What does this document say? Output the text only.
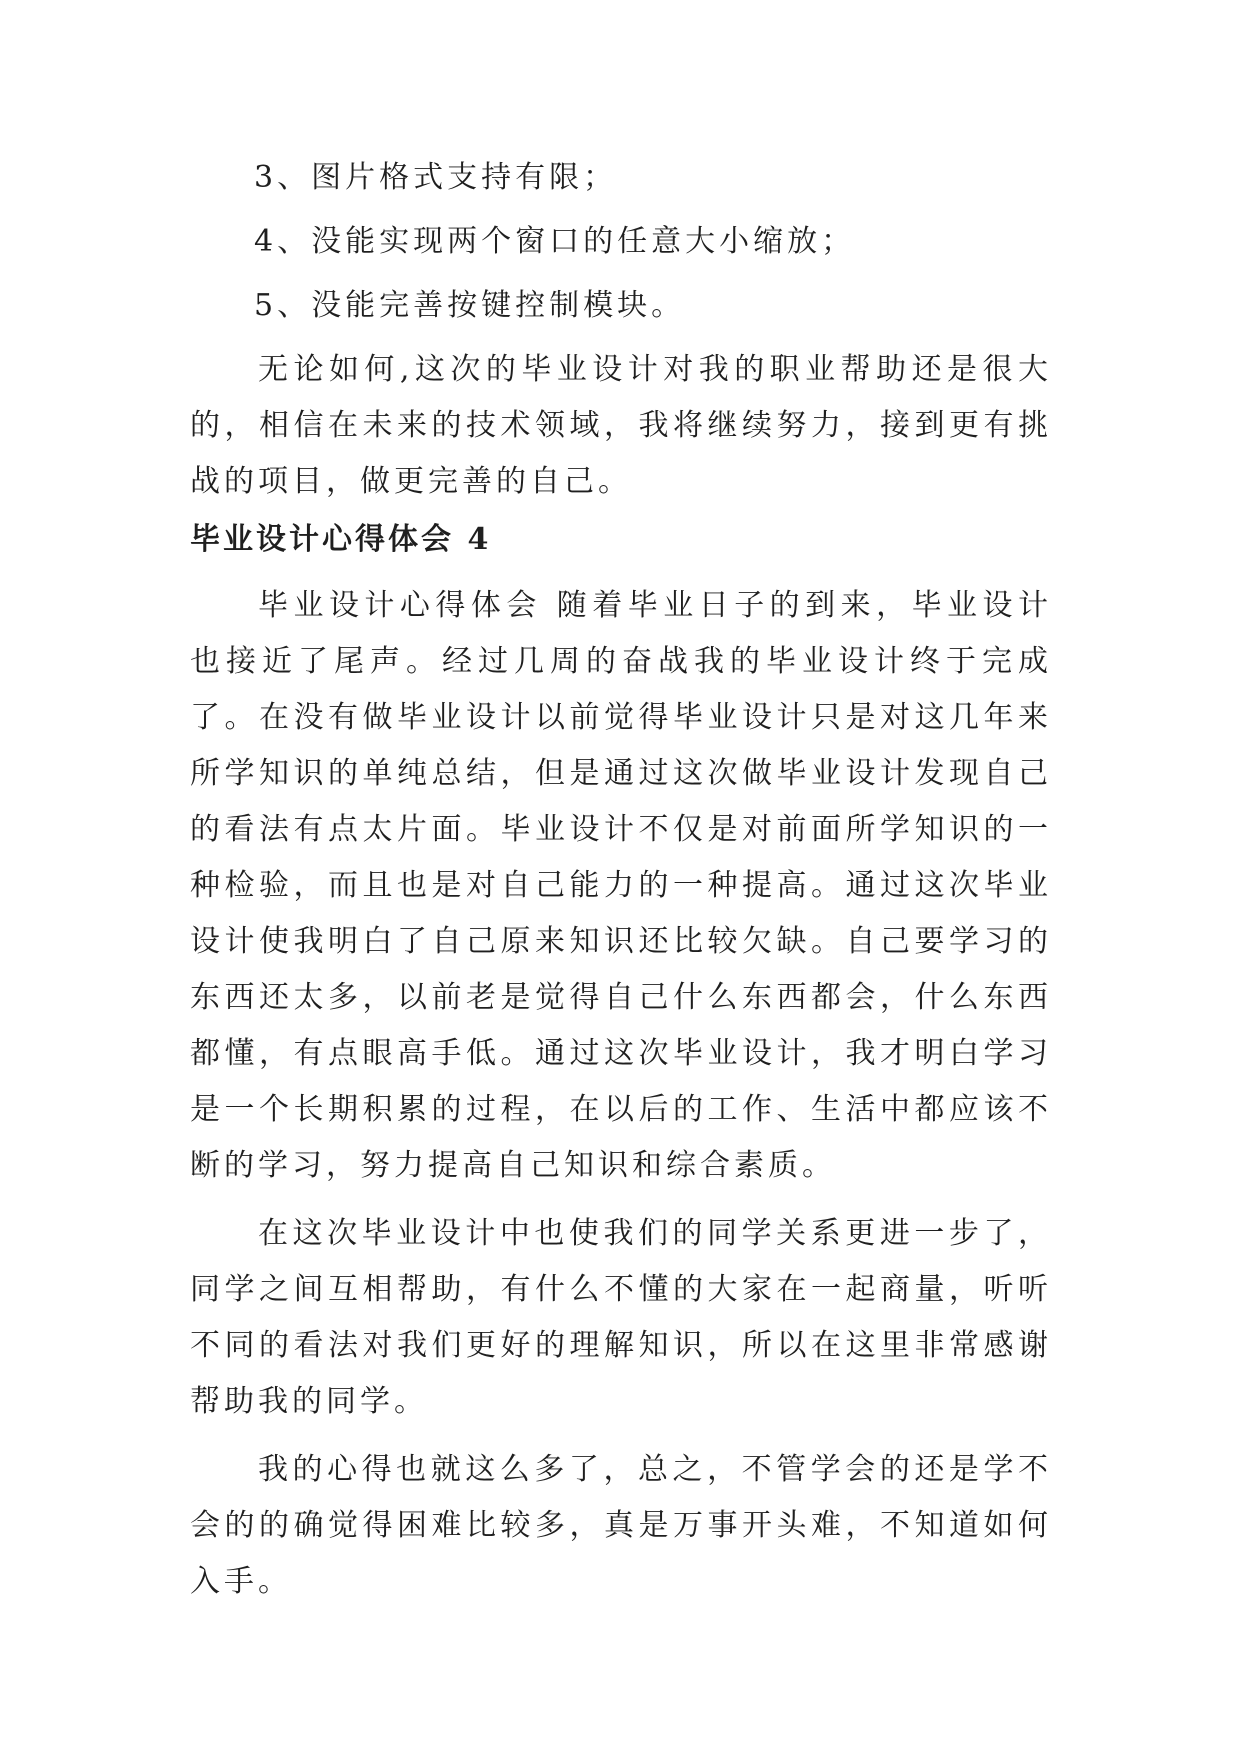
3、图片格式支持有限；

4、没能实现两个窗口的任意大小缩放；

5、没能完善按键控制模块。

无论如何,这次的毕业设计对我的职业帮助还是很大的，相信在未来的技术领域，我将继续努力，接到更有挑战的项目，做更完善的自己。

毕业设计心得体会 4

毕业设计心得体会 随着毕业日子的到来，毕业设计也接近了尾声。经过几周的奋战我的毕业设计终于完成了。在没有做毕业设计以前觉得毕业设计只是对这几年来所学知识的单纯总结，但是通过这次做毕业设计发现自己的看法有点太片面。毕业设计不仅是对前面所学知识的一种检验，而且也是对自己能力的一种提高。通过这次毕业设计使我明白了自己原来知识还比较欠缺。自己要学习的东西还太多，以前老是觉得自己什么东西都会，什么东西都懂，有点眼高手低。通过这次毕业设计，我才明白学习是一个长期积累的过程，在以后的工作、生活中都应该不断的学习，努力提高自己知识和综合素质。

在这次毕业设计中也使我们的同学关系更进一步了，同学之间互相帮助，有什么不懂的大家在一起商量，听听不同的看法对我们更好的理解知识，所以在这里非常感谢帮助我的同学。

我的心得也就这么多了，总之，不管学会的还是学不会的的确觉得困难比较多，真是万事开头难，不知道如何入手。
